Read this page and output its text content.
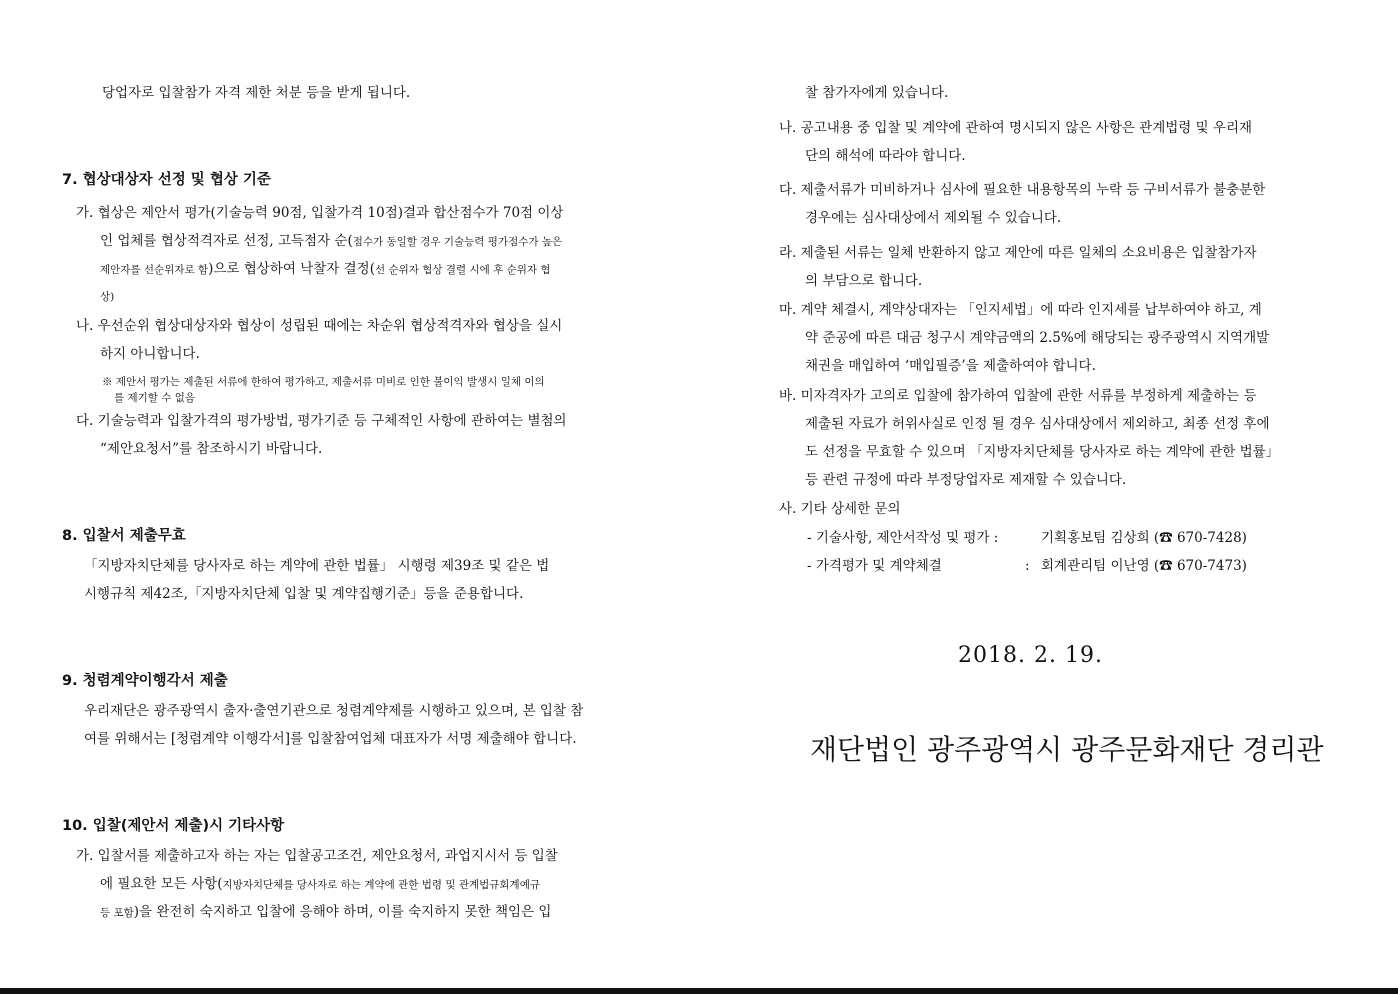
당업자로 입찰참가 자격 제한 처분 등을 받게 됩니다.
7. 협상대상자 선정 및 협상 기준
가. 협상은 제안서 평가(기술능력 90점, 입찰가격 10점)결과 합산점수가 70점 이상
인 업체를 협상적격자로 선정, 고득점자 순(점수가 동일할 경우 기술능력 평가점수가 높은
제안자를 선순위자로 함)으로 협상하여 낙찰자 결정(선 순위자 협상 결렬 시에 후 순위자 협
상)
나. 우선순위 협상대상자와 협상이 성립된 때에는 차순위 협상적격자와 협상을 실시
하지 아니합니다.
※ 제안서 평가는 제출된 서류에 한하여 평가하고, 제출서류 미비로 인한 불이익 발생시 일체 이의
를 제기할 수 없음
다. 기술능력과 입찰가격의 평가방법, 평가기준 등 구체적인 사항에 관하여는 별첨의
“제안요청서”를 참조하시기 바랍니다.
8. 입찰서 제출무효
「지방자치단체를 당사자로 하는 계약에 관한 법률」 시행령 제39조 및 같은 법
시행규칙 제42조,「지방자치단체 입찰 및 계약집행기준」등을 준용합니다.
9. 청렴계약이행각서 제출
우리재단은 광주광역시 출자·출연기관으로 청렴계약제를 시행하고 있으며, 본 입찰 참
여를 위해서는 [청렴계약 이행각서]를 입찰참여업체 대표자가 서명 제출해야 합니다.
10. 입찰(제안서 제출)시 기타사항
가. 입찰서를 제출하고자 하는 자는 입찰공고조건, 제안요청서, 과업지시서 등 입찰
에 필요한 모든 사항(지방자치단체를 당사자로 하는 계약에 관한 법령 및 관계법규회계예규
등 포함)을 완전히 숙지하고 입찰에 응해야 하며, 이를 숙지하지 못한 책임은 입
찰 참가자에게 있습니다.
나. 공고내용 중 입찰 및 계약에 관하여 명시되지 않은 사항은 관계법령 및 우리재
단의 해석에 따라야 합니다.
다. 제출서류가 미비하거나 심사에 필요한 내용항목의 누락 등 구비서류가 불충분한
경우에는 심사대상에서 제외될 수 있습니다.
라. 제출된 서류는 일체 반환하지 않고 제안에 따른 일체의 소요비용은 입찰참가자
의 부담으로 합니다.
마. 계약 체결시, 계약상대자는 「인지세법」에 따라 인지세를 납부하여야 하고, 계
약 준공에 따른 대금 청구시 계약금액의 2.5%에 해당되는 광주광역시 지역개발
채권을 매입하여 ‘매입필증’을 제출하여야 합니다.
바. 미자격자가 고의로 입찰에 참가하여 입찰에 관한 서류를 부정하게 제출하는 등
제출된 자료가 허위사실로 인정 될 경우 심사대상에서 제외하고, 최종 선정 후에
도 선정을 무효할 수 있으며 「지방자치단체를 당사자로 하는 계약에 관한 법률」
등 관련 규정에 따라 부정당업자로 제재할 수 있습니다.
사. 기타 상세한 문의
- 기술사항, 제안서작성 및 평가 :	기획홍보팀 김상희 (☎ 670-7428)
- 가격평가 및 계약체결	: 회계관리팀 이난영 (☎ 670-7473)
2018. 2. 19.
재단법인 광주광역시 광주문화재단 경리관
